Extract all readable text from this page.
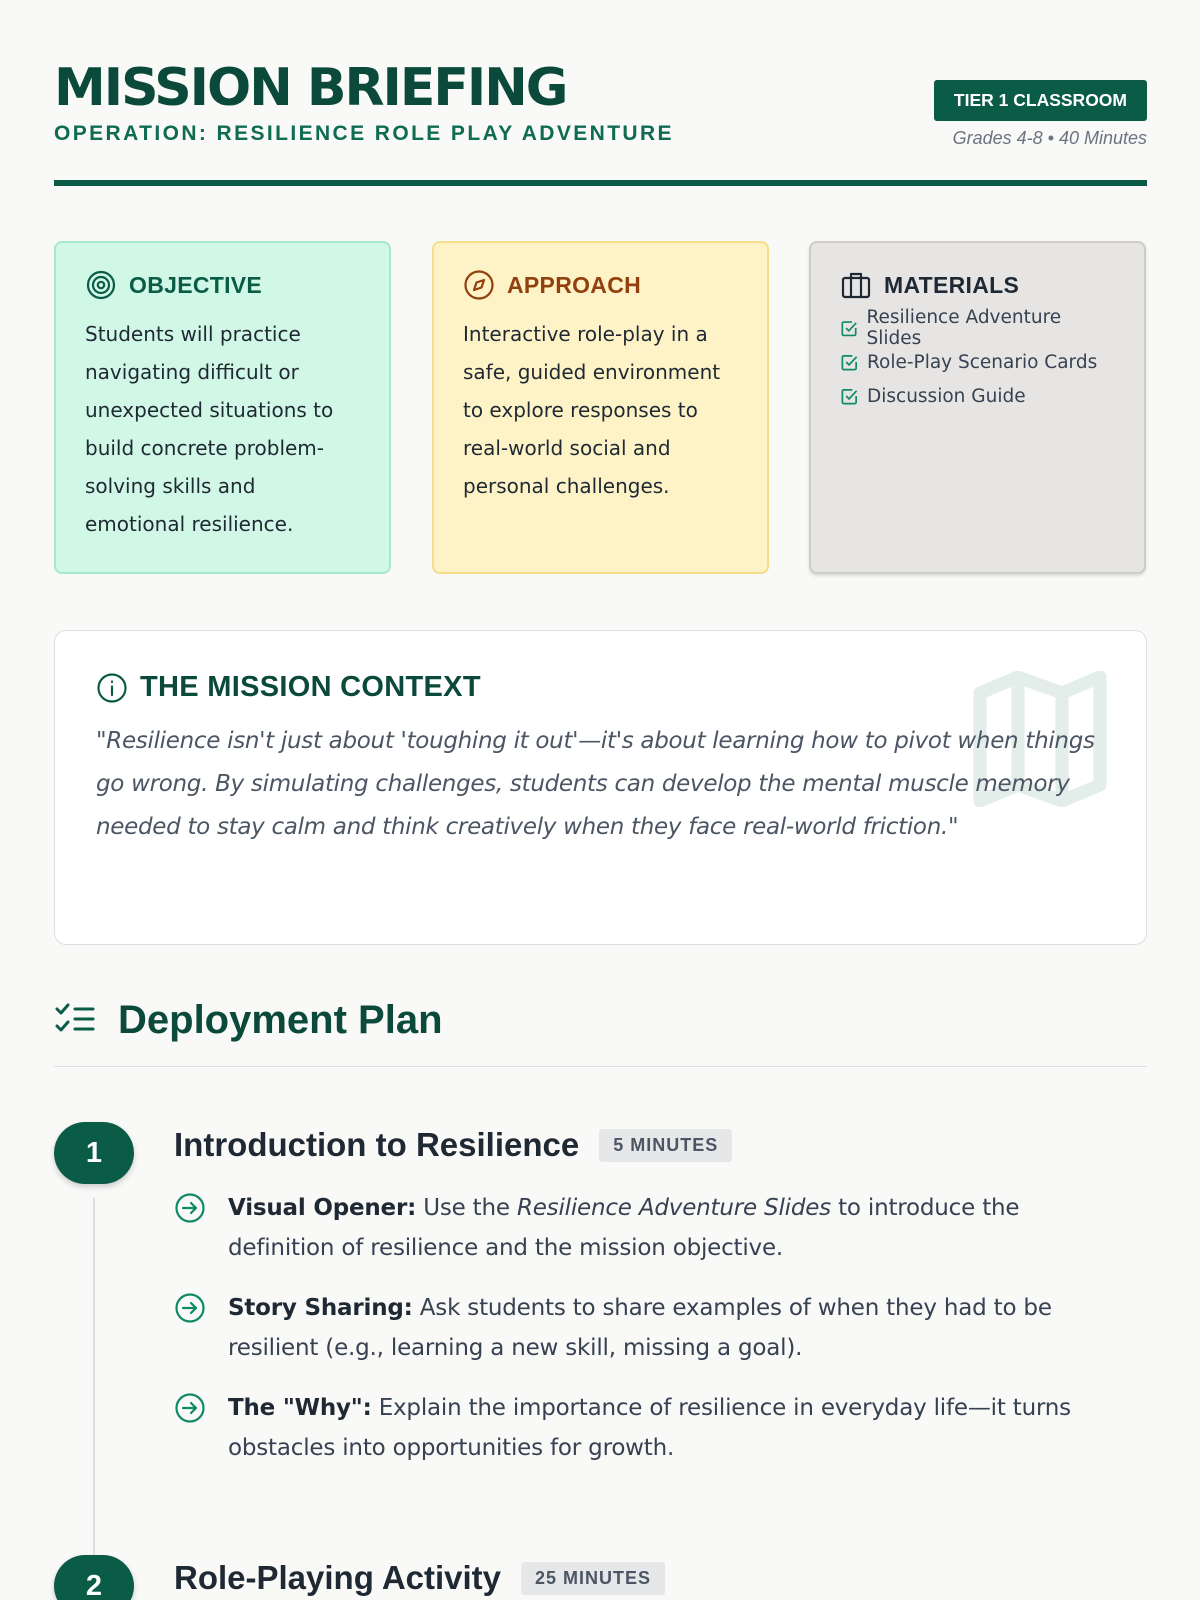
MISSION BRIEFING
OPERATION: RESILIENCE ROLE PLAY ADVENTURE
TIER 1 CLASSROOM
Grades 4-8 • 40 Minutes
OBJECTIVE

Students will practice navigating difficult or unexpected situations to build concrete problem-solving skills and emotional resilience.

APPROACH

Interactive role-play in a safe, guided environment to explore responses to real-world social and personal challenges.

MATERIALS
Resilience Adventure Slides
Role-Play Scenario Cards
Discussion Guide
THE MISSION CONTEXT

"Resilience isn't just about 'toughing it out'—it's about learning how to pivot when things go wrong. By simulating challenges, students can develop the mental muscle memory needed to stay calm and think creatively when they face real-world friction."

Deployment Plan
1	Introduction to Resilience	5 MINUTES
Visual Opener: Use the Resilience Adventure Slides to introduce the definition of resilience and the mission objective.
Story Sharing: Ask students to share examples of when they had to be resilient (e.g., learning a new skill, missing a goal).
The "Why": Explain the importance of resilience in everyday life—it turns obstacles into opportunities for growth.
2	Role-Playing Activity	25 MINUTES
